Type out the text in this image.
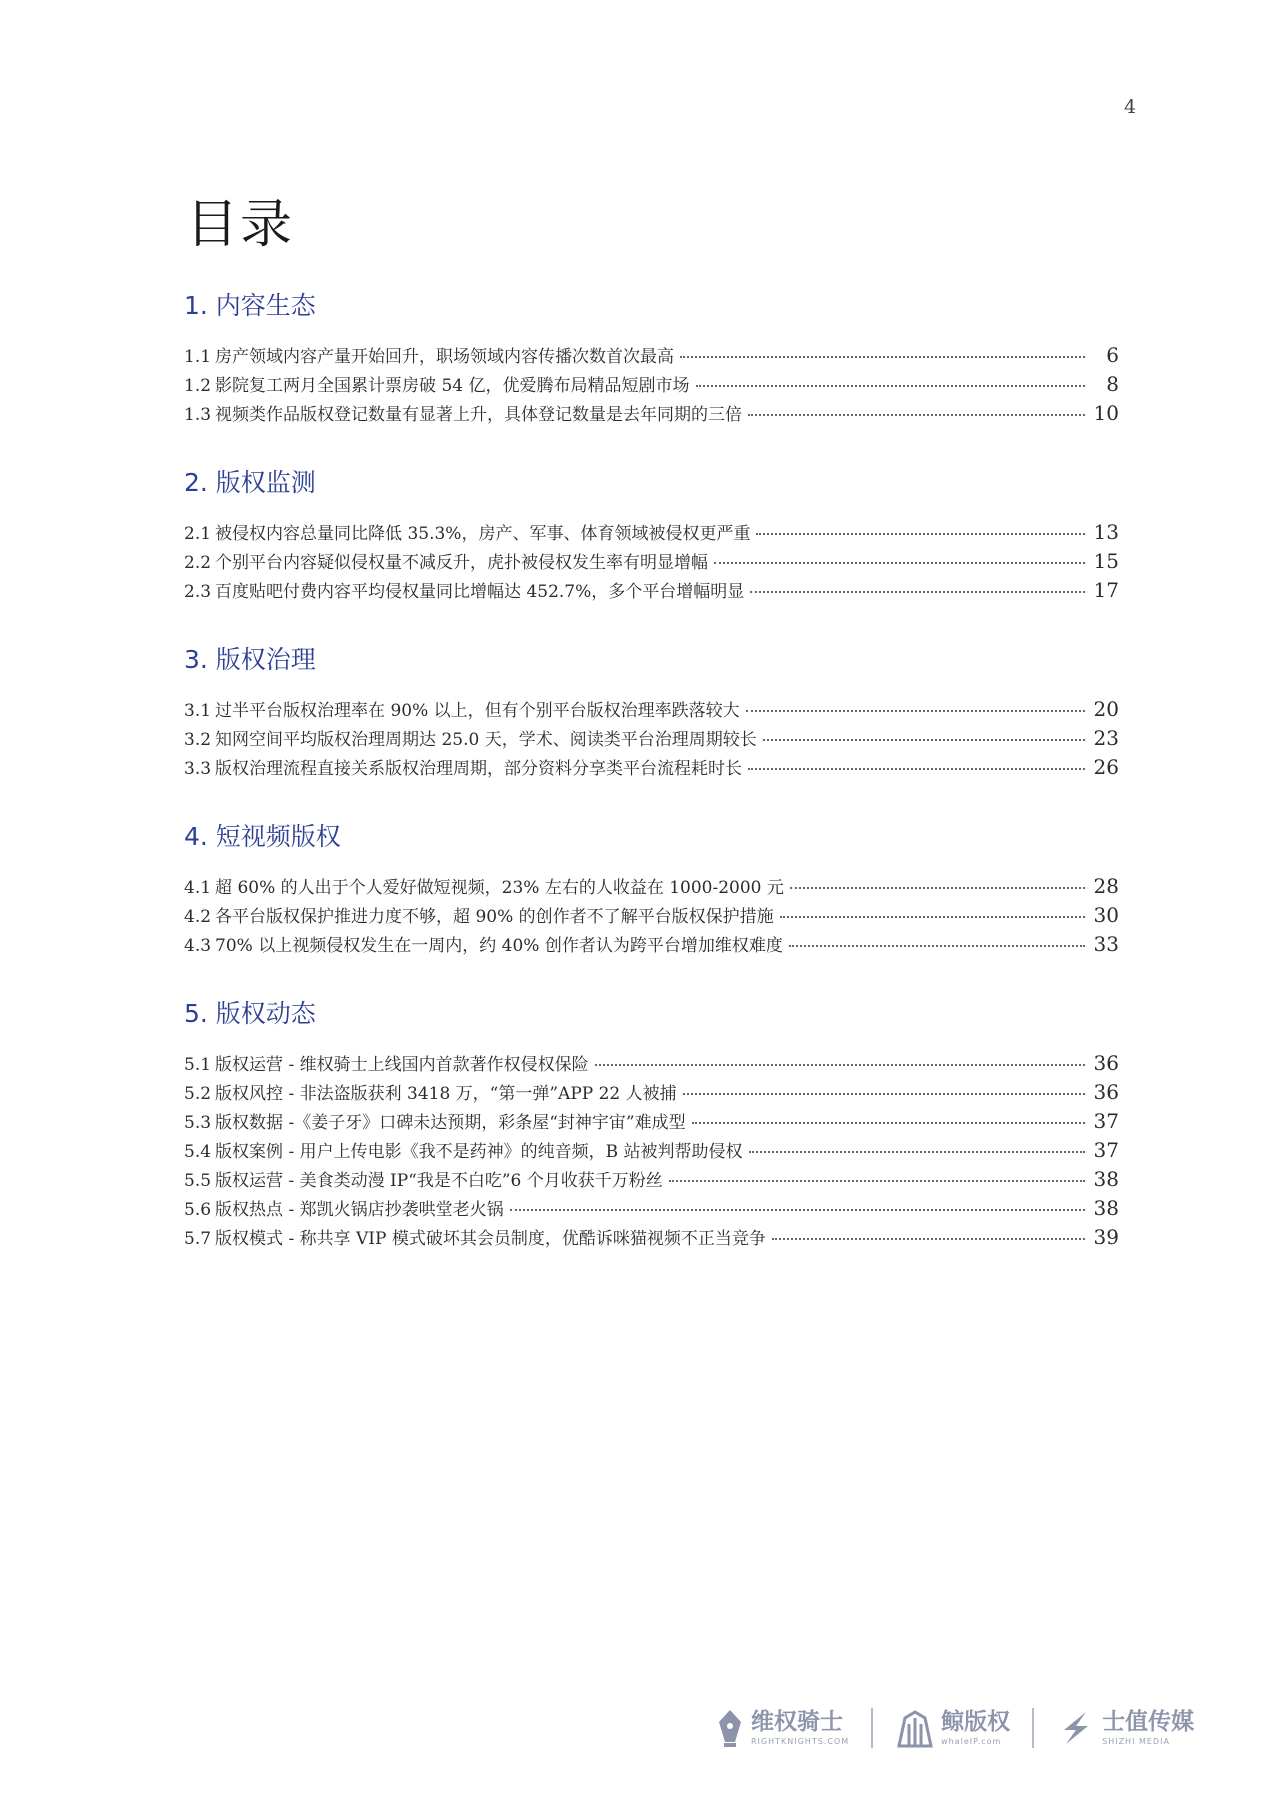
4
目录
1. 内容生态
1.1 房产领域内容产量开始回升，职场领域内容传播次数首次最高	6
1.2 影院复工两月全国累计票房破 54 亿，优爱腾布局精品短剧市场	8
1.3 视频类作品版权登记数量有显著上升，具体登记数量是去年同期的三倍	10
2. 版权监测
2.1 被侵权内容总量同比降低 35.3%，房产、军事、体育领域被侵权更严重	13
2.2 个别平台内容疑似侵权量不减反升，虎扑被侵权发生率有明显增幅	15
2.3 百度贴吧付费内容平均侵权量同比增幅达 452.7%，多个平台增幅明显	17
3. 版权治理
3.1 过半平台版权治理率在 90% 以上，但有个别平台版权治理率跌落较大	20
3.2 知网空间平均版权治理周期达 25.0 天，学术、阅读类平台治理周期较长	23
3.3 版权治理流程直接关系版权治理周期，部分资料分享类平台流程耗时长	26
4. 短视频版权
4.1 超 60% 的人出于个人爱好做短视频，23% 左右的人收益在 1000-2000 元	28
4.2 各平台版权保护推进力度不够，超 90% 的创作者不了解平台版权保护措施	30
4.3 70% 以上视频侵权发生在一周内，约 40% 创作者认为跨平台增加维权难度	33
5. 版权动态
5.1 版权运营 - 维权骑士上线国内首款著作权侵权保险	36
5.2 版权风控 - 非法盗版获利 3418 万，“第一弹”APP 22 人被捕	36
5.3 版权数据 -《姜子牙》口碑未达预期，彩条屋“封神宇宙”难成型	37
5.4 版权案例 - 用户上传电影《我不是药神》的纯音频，B 站被判帮助侵权	37
5.5 版权运营 - 美食类动漫 IP“我是不白吃”6 个月收获千万粉丝	38
5.6 版权热点 - 郑凯火锅店抄袭哄堂老火锅	38
5.7 版权模式 - 称共享 VIP 模式破坏其会员制度，优酷诉咪猫视频不正当竞争	39
维权骑士
RIGHTKNIGHTS.COM
鲸版权
whaleIP.com
士值传媒
SHIZHI MEDIA
